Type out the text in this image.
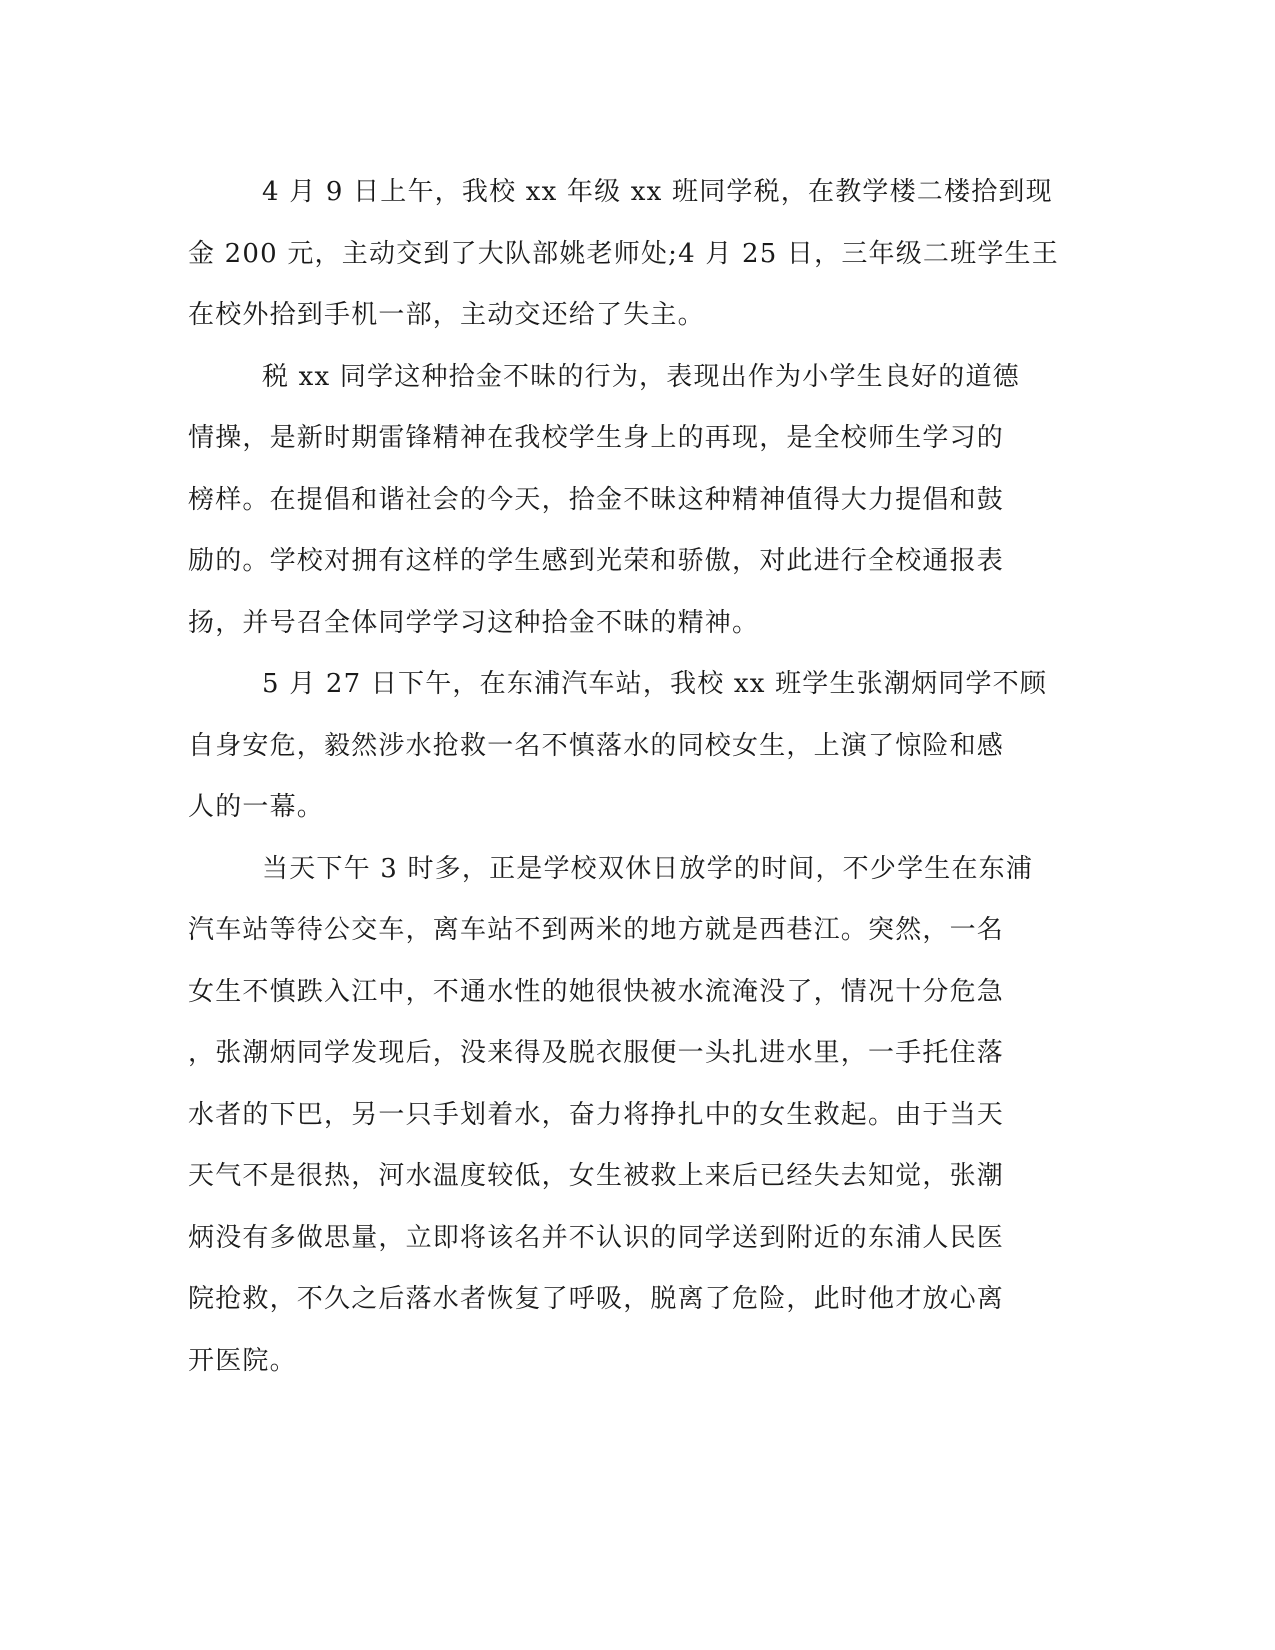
4 月 9 日上午，我校 xx 年级 xx 班同学税，在教学楼二楼拾到现
金 200 元，主动交到了大队部姚老师处;4 月 25 日，三年级二班学生王
在校外拾到手机一部，主动交还给了失主。
税 xx 同学这种拾金不昧的行为，表现出作为小学生良好的道德
情操，是新时期雷锋精神在我校学生身上的再现，是全校师生学习的
榜样。在提倡和谐社会的今天，拾金不昧这种精神值得大力提倡和鼓
励的。学校对拥有这样的学生感到光荣和骄傲，对此进行全校通报表
扬，并号召全体同学学习这种拾金不昧的精神。
5 月 27 日下午，在东浦汽车站，我校 xx 班学生张潮炳同学不顾
自身安危，毅然涉水抢救一名不慎落水的同校女生，上演了惊险和感
人的一幕。
当天下午 3 时多，正是学校双休日放学的时间，不少学生在东浦
汽车站等待公交车，离车站不到两米的地方就是西巷江。突然，一名
女生不慎跌入江中，不通水性的她很快被水流淹没了，情况十分危急
，张潮炳同学发现后，没来得及脱衣服便一头扎进水里，一手托住落
水者的下巴，另一只手划着水，奋力将挣扎中的女生救起。由于当天
天气不是很热，河水温度较低，女生被救上来后已经失去知觉，张潮
炳没有多做思量，立即将该名并不认识的同学送到附近的东浦人民医
院抢救，不久之后落水者恢复了呼吸，脱离了危险，此时他才放心离
开医院。
